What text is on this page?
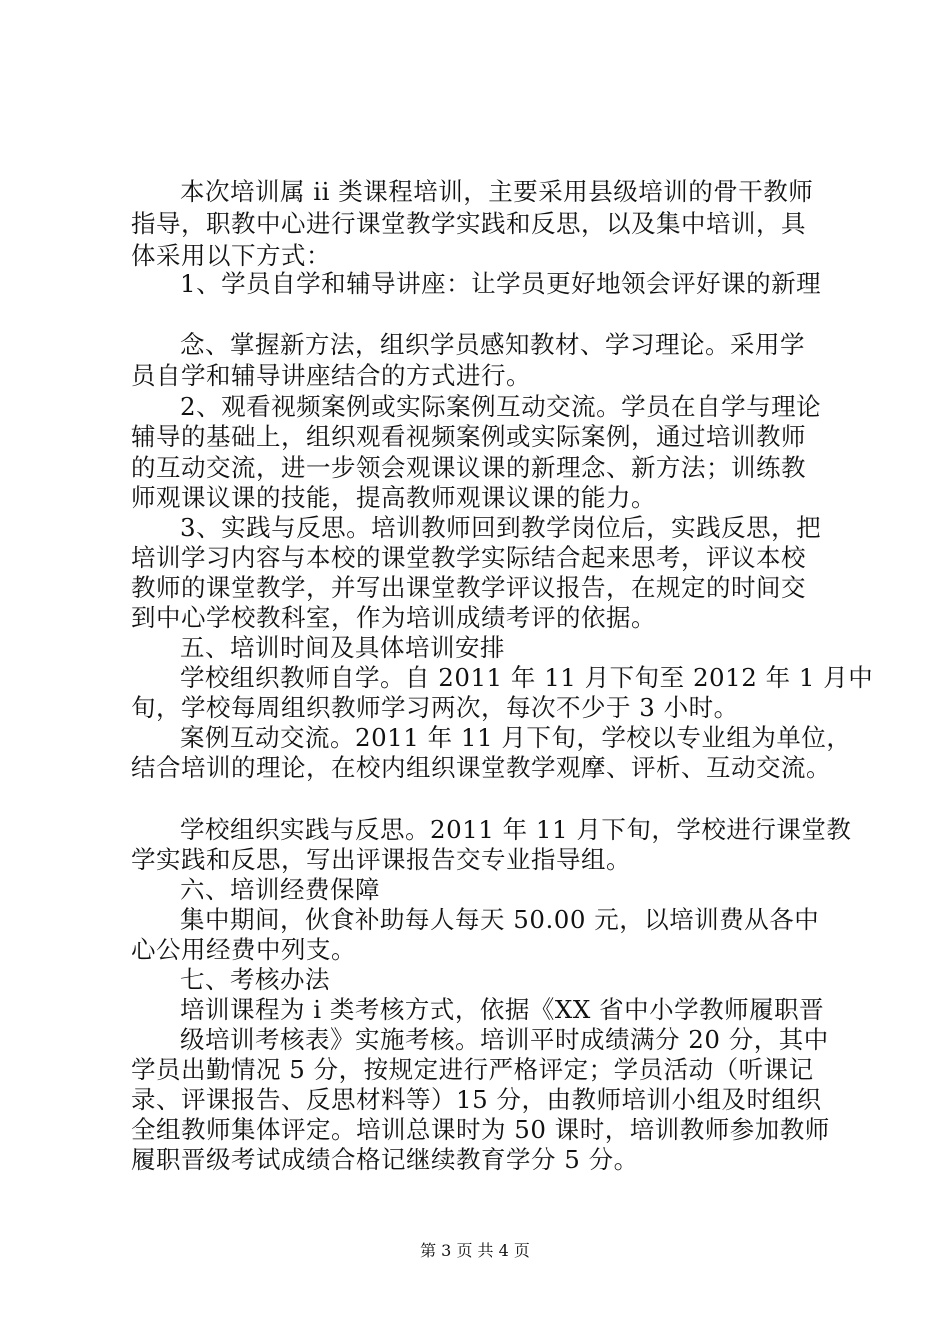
本次培训属 ii 类课程培训，主要采用县级培训的骨干教师
指导，职教中心进行课堂教学实践和反思，以及集中培训，具
体采用以下方式：
1、学员自学和辅导讲座：让学员更好地领会评好课的新理
念、掌握新方法，组织学员感知教材、学习理论。采用学
员自学和辅导讲座结合的方式进行。
2、观看视频案例或实际案例互动交流。学员在自学与理论
辅导的基础上，组织观看视频案例或实际案例，通过培训教师
的互动交流，进一步领会观课议课的新理念、新方法；训练教
师观课议课的技能，提高教师观课议课的能力。
3、实践与反思。培训教师回到教学岗位后，实践反思，把
培训学习内容与本校的课堂教学实际结合起来思考，评议本校
教师的课堂教学，并写出课堂教学评议报告，在规定的时间交
到中心学校教科室，作为培训成绩考评的依据。
五、培训时间及具体培训安排
学校组织教师自学。自 2011 年 11 月下旬至 2012 年 1 月中
旬，学校每周组织教师学习两次，每次不少于 3 小时。
案例互动交流。2011 年 11 月下旬，学校以专业组为单位，
结合培训的理论，在校内组织课堂教学观摩、评析、互动交流。
学校组织实践与反思。2011 年 11 月下旬，学校进行课堂教
学实践和反思，写出评课报告交专业指导组。
六、培训经费保障
集中期间，伙食补助每人每天 50.00 元，以培训费从各中
心公用经费中列支。
七、考核办法
培训课程为 i 类考核方式，依据《XX 省中小学教师履职晋
级培训考核表》实施考核。培训平时成绩满分 20 分，其中
学员出勤情况 5 分，按规定进行严格评定；学员活动（听课记
录、评课报告、反思材料等）15 分，由教师培训小组及时组织
全组教师集体评定。培训总课时为 50 课时，培训教师参加教师
履职晋级考试成绩合格记继续教育学分 5 分。
第 3 页 共 4 页
